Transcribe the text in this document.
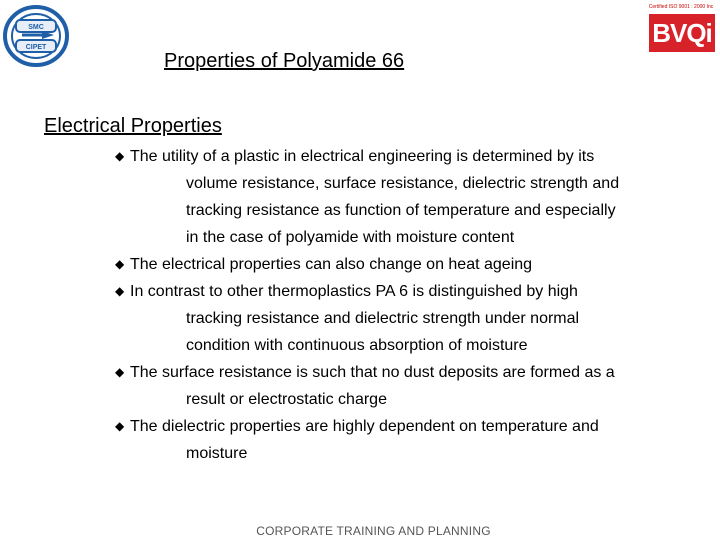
SMC
CIPET
Certified ISO 9001 : 2000 Inc
BVQi
Properties of Polyamide 66
Electrical Properties
◆ The utility of a plastic in electrical engineering is determined by its
volume resistance, surface resistance, dielectric strength and
tracking resistance as function of temperature and especially
in the case of polyamide with moisture content
◆ The electrical properties can also change on heat ageing
◆ In contrast to other thermoplastics PA 6 is distinguished by high
tracking resistance and dielectric strength under normal
condition with continuous absorption of moisture
◆ The surface resistance is such that no dust deposits are formed as a
result or electrostatic charge
◆ The dielectric properties are highly dependent on temperature and
moisture
CORPORATE TRAINING AND PLANNING
